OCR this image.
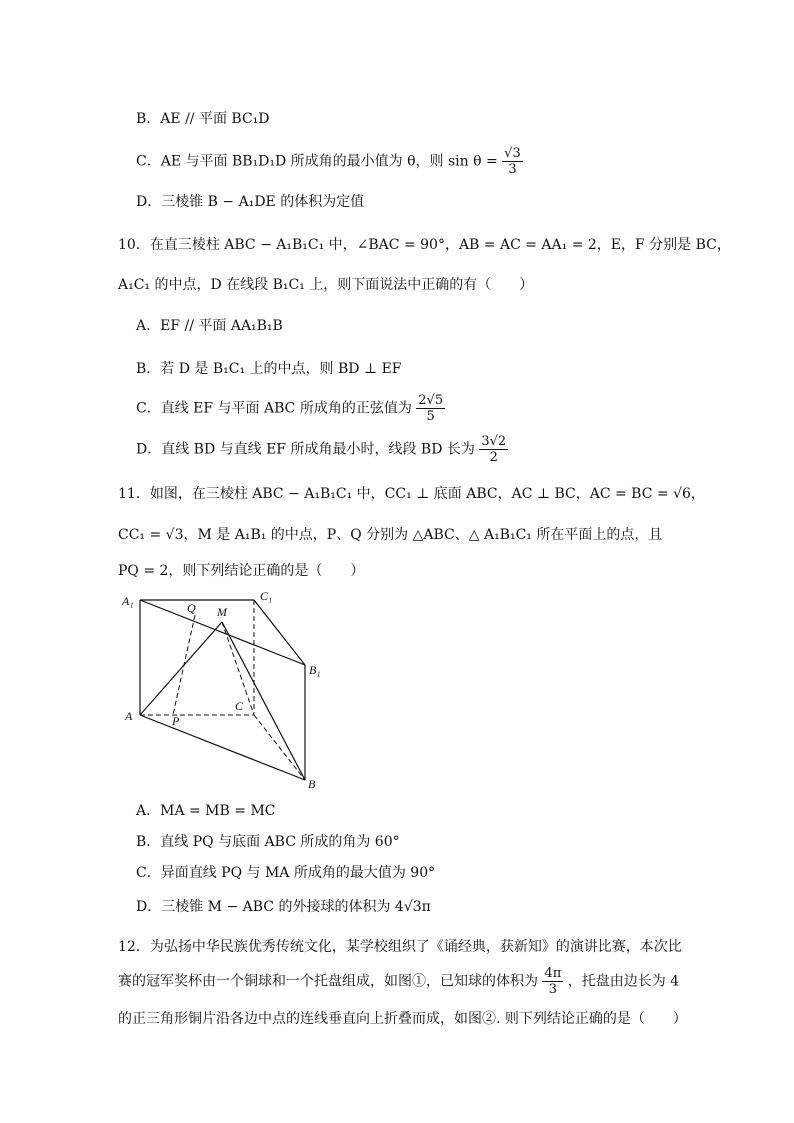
B．AE // 平面 BC₁D
C．AE 与平面 BB₁D₁D 所成角的最小值为 θ，则 $\sin \theta = \frac{√3}{3}$
D．三棱锥 B − A₁DE 的体积为定值
10．在直三棱柱 ABC − A₁B₁C₁ 中，∠BAC = 90°，AB = AC = AA₁ = 2，E，F 分别是 BC，
A₁C₁ 的中点，D 在线段 B₁C₁ 上，则下面说法中正确的有（　　）
A．EF // 平面 AA₁B₁B
B．若 D 是 B₁C₁ 上的中点，则 BD ⊥ EF
C．直线 EF 与平面 ABC 所成角的正弦值为 $\frac{2√5}{5}$
D．直线 BD 与直线 EF 所成角最小时，线段 BD 长为 $\frac{3√2}{2}$
11．如图，在三棱柱 ABC − A₁B₁C₁ 中，CC₁ ⊥ 底面 ABC，AC ⊥ BC，AC = BC = √6，
CC₁ = √3，M 是 A₁B₁ 的中点，P、Q 分别为 △ABC、△ A₁B₁C₁ 所在平面上的点，且
PQ = 2，则下列结论正确的是（　　）
A₁	C₁
Q M
B₁
A	P
C
B
A．MA = MB = MC
B．直线 PQ 与底面 ABC 所成的角为 60°
C．异面直线 PQ 与 MA 所成角的最大值为 90°
D．三棱锥 M − ABC 的外接球的体积为 4√3π
12．为弘扬中华民族优秀传统文化，某学校组织了《诵经典，获新知》的演讲比赛，本次比
赛的冠军奖杯由一个铜球和一个托盘组成，如图①，已知球的体积为 $\frac{4\pi}{3}$ ，托盘由边长为 4
的正三角形铜片沿各边中点的连线垂直向上折叠而成，如图②. 则下列结论正确的是（　　）
